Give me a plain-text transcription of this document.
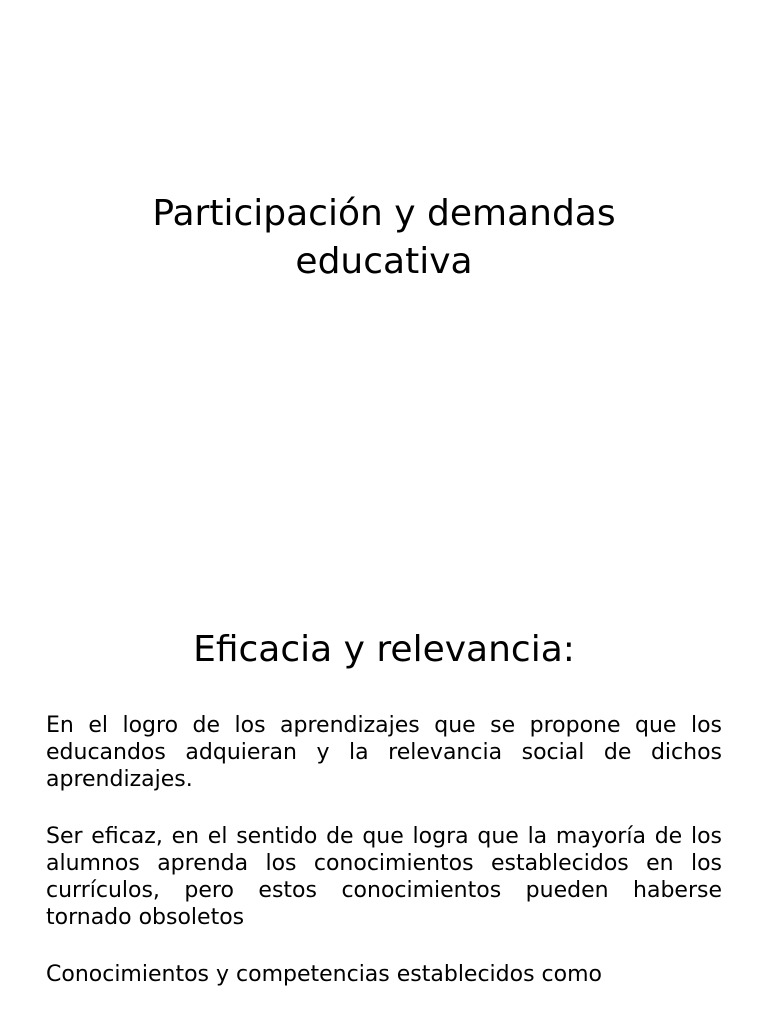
Participación y demandas
educativa
Eficacia y relevancia:

En el logro de los aprendizajes que se propone que los educandos adquieran y la relevancia social de dichos aprendizajes.

Ser eficaz, en el sentido de que logra que la mayoría de los alumnos aprenda los conocimientos establecidos en los currículos, pero estos conocimientos pueden haberse tornado obsoletos

Conocimientos y competencias establecidos como
